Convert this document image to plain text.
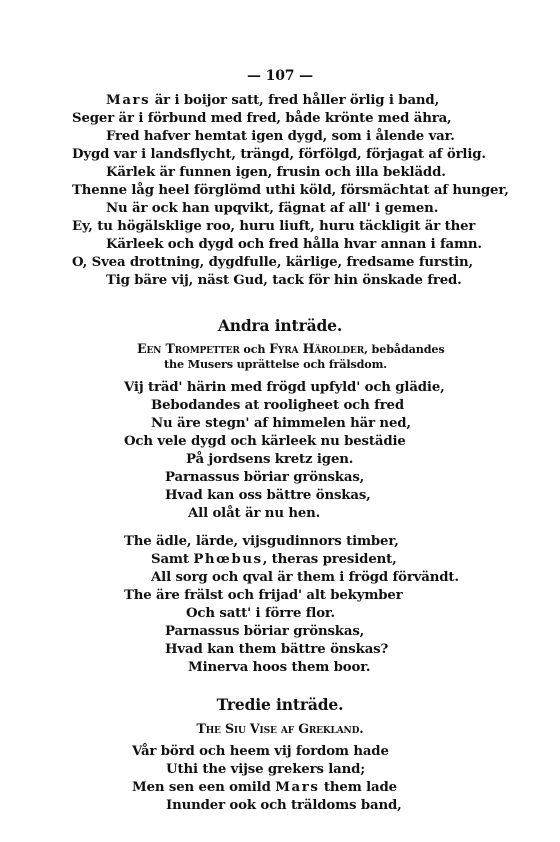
— 107 —
Mars är i boijor satt, fred håller örlig i band,
Seger är i förbund med fred, både krönte med ähra,
Fred hafver hemtat igen dygd, som i ålende var.
Dygd var i landsflycht, trängd, förfölgd, förjagat af örlig.
Kärlek är funnen igen, frusin och illa beklädd.
Thenne låg heel förglömd uthi köld, försmächtat af hunger,
Nu är ock han upqvikt, fägnat af all' i gemen.
Ey, tu högälsklige roo, huru liuft, huru täckligit är ther
Kärleek och dygd och fred hålla hvar annan i famn.
O, Svea drottning, dygdfulle, kärlige, fredsame furstin,
Tig bäre vij, näst Gud, tack för hin önskade fred.
Andra inträde.
Een Trompetter och Fyra Härolder, bebådandes
the Musers uprättelse och frälsdom.
Vij träd' härin med frögd upfyld' och glädie,
Bebodandes at rooligheet och fred
Nu äre stegn' af himmelen här ned,
Och vele dygd och kärleek nu bestädie
På jordsens kretz igen.
Parnassus böriar grönskas,
Hvad kan oss bättre önskas,
All olåt är nu hen.
The ädle, lärde, vijsgudinnors timber,
Samt Phœbus, theras president,
All sorg och qval är them i frögd förvändt.
The äre frälst och frijad' alt bekymber
Och satt' i förre flor.
Parnassus böriar grönskas,
Hvad kan them bättre önskas?
Minerva hoos them boor.
Tredie inträde.
The Siu Vise af Grekland.
Vår börd och heem vij fordom hade
Uthi the vijse grekers land;
Men sen een omild Mars them lade
Inunder ook och träldoms band,
